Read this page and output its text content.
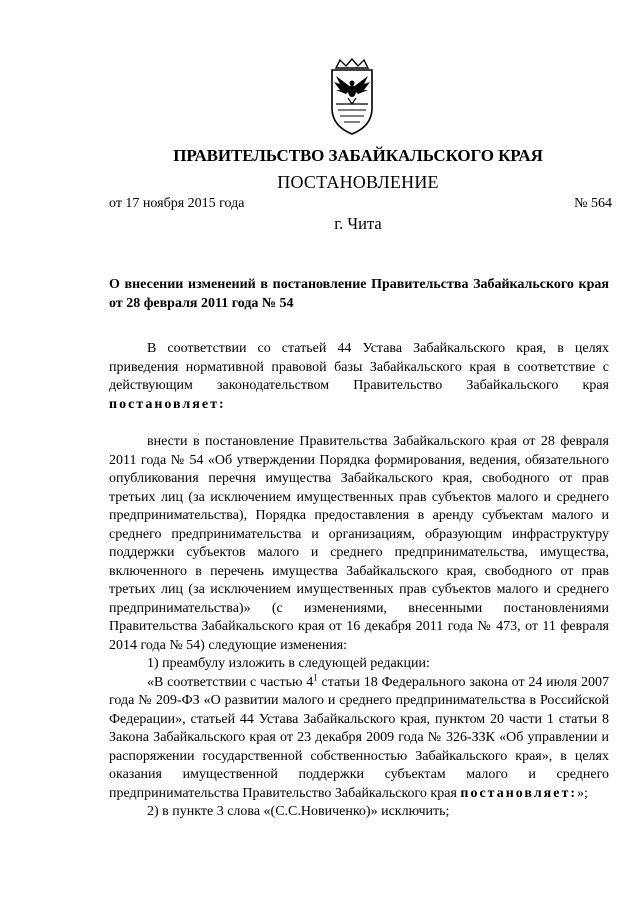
ПРАВИТЕЛЬСТВО ЗАБАЙКАЛЬСКОГО КРАЯ
ПОСТАНОВЛЕНИЕ
от 17 ноября 2015 года	№ 564
г. Чита
О внесении изменений в постановление Правительства Забайкальского края от 28 февраля 2011 года № 54

В соответствии со статьей 44 Устава Забайкальского края, в целях приведения нормативной правовой базы Забайкальского края в соответствие с действующим законодательством Правительство Забайкальского края постановляет:

внести в постановление Правительства Забайкальского края от 28 февраля 2011 года № 54 «Об утверждении Порядка формирования, ведения, обязательного опубликования перечня имущества Забайкальского края, свободного от прав третьих лиц (за исключением имущественных прав субъектов малого и среднего предпринимательства), Порядка предоставления в аренду субъектам малого и среднего предпринимательства и организациям, образующим инфраструктуру поддержки субъектов малого и среднего предпринимательства, имущества, включенного в перечень имущества Забайкальского края, свободного от прав третьих лиц (за исключением имущественных прав субъектов малого и среднего предпринимательства)» (с изменениями, внесенными постановлениями Правительства Забайкальского края от 16 декабря 2011 года № 473, от 11 февраля 2014 года № 54) следующие изменения:

1) преамбулу изложить в следующей редакции:

«В соответствии с частью $4^1$ статьи 18 Федерального закона от 24 июля 2007 года № 209-ФЗ «О развитии малого и среднего предпринимательства в Российской Федерации», статьей 44 Устава Забайкальского края, пунктом 20 части 1 статьи 8 Закона Забайкальского края от 23 декабря 2009 года № 326-ЗЗК «Об управлении и распоряжении государственной собственностью Забайкальского края», в целях оказания имущественной поддержки субъектам малого и среднего предпринимательства Правительство Забайкальского края постановляет:»;

2) в пункте 3 слова «(С.С.Новиченко)» исключить;
